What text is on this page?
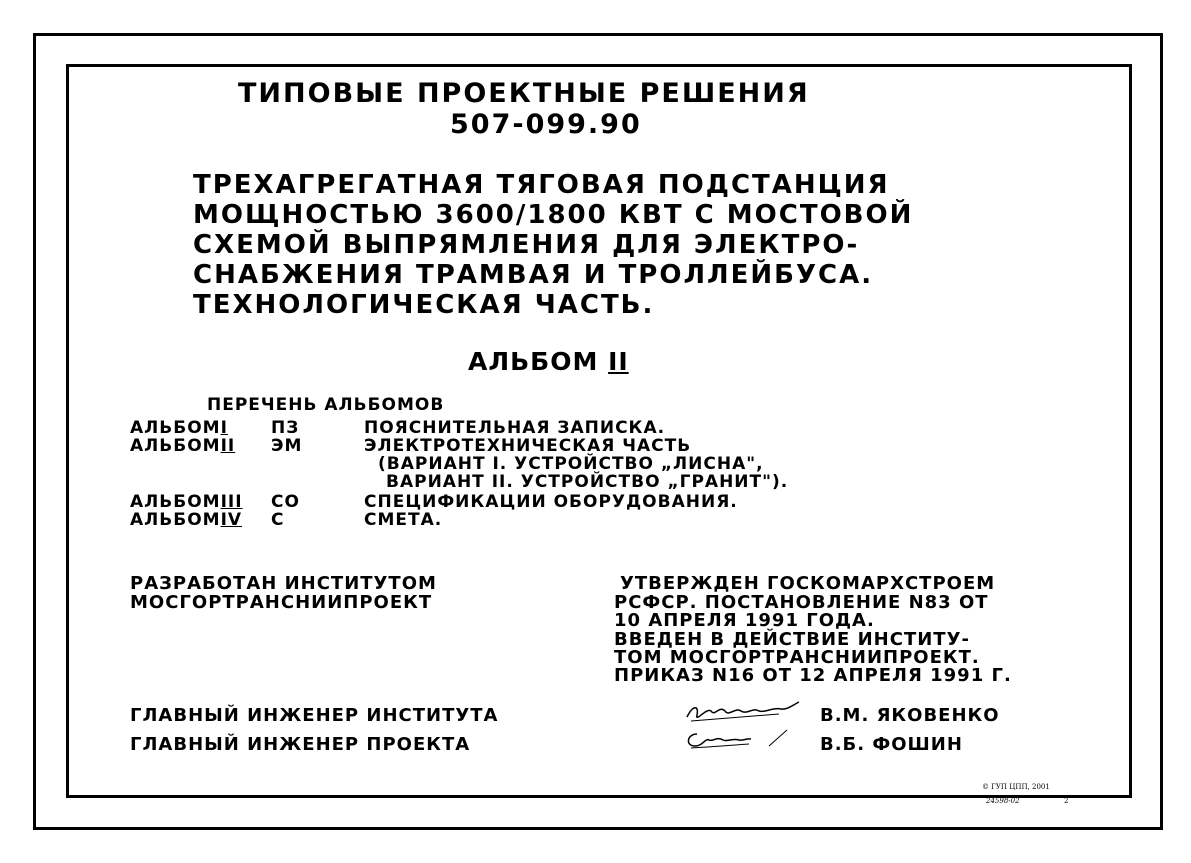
ТИПОВЫЕ ПРОЕКТНЫЕ РЕШЕНИЯ
507-099.90
ТРЕХАГРЕГАТНАЯ ТЯГОВАЯ ПОДСТАНЦИЯ
МОЩНОСТЬЮ 3600/1800 КВТ С МОСТОВОЙ
СХЕМОЙ ВЫПРЯМЛЕНИЯ ДЛЯ ЭЛЕКТРО-
СНАБЖЕНИЯ ТРАМВАЯ И ТРОЛЛЕЙБУСА.
ТЕХНОЛОГИЧЕСКАЯ ЧАСТЬ.
АЛЬБОМ II
ПЕРЕЧЕНЬ АЛЬБОМОВ
АЛЬБОМI	ПЗ	ПОЯСНИТЕЛЬНАЯ ЗАПИСКА.
АЛЬБОМII ЭМ	ЭЛЕКТРОТЕХНИЧЕСКАЯ ЧАСТЬ
(ВАРИАНТ I. УСТРОЙСТВО „ЛИСНА",
ВАРИАНТ II. УСТРОЙСТВО „ГРАНИТ").
АЛЬБОМIII СО	СПЕЦИФИКАЦИИ ОБОРУДОВАНИЯ.
АЛЬБОМIV С	СМЕТА.
РАЗРАБОТАН ИНСТИТУТОМ
МОСГОРТРАНСНИИПРОЕКТ
УТВЕРЖДЕН ГОСКОМАРХСТРОЕМ
РСФСР. ПОСТАНОВЛЕНИЕ N83 ОТ
10 АПРЕЛЯ 1991 ГОДА.
ВВЕДЕН В ДЕЙСТВИЕ ИНСТИТУ-
ТОМ МОСГОРТРАНСНИИПРОЕКТ.
ПРИКАЗ N16 ОТ 12 АПРЕЛЯ 1991 Г.
ГЛАВНЫЙ ИНЖЕНЕР ИНСТИТУТА	В.М. ЯКОВЕНКО
ГЛАВНЫЙ ИНЖЕНЕР ПРОЕКТА	В.Б. ФОШИН
© ГУП ЦПП, 2001
24598-02	2
